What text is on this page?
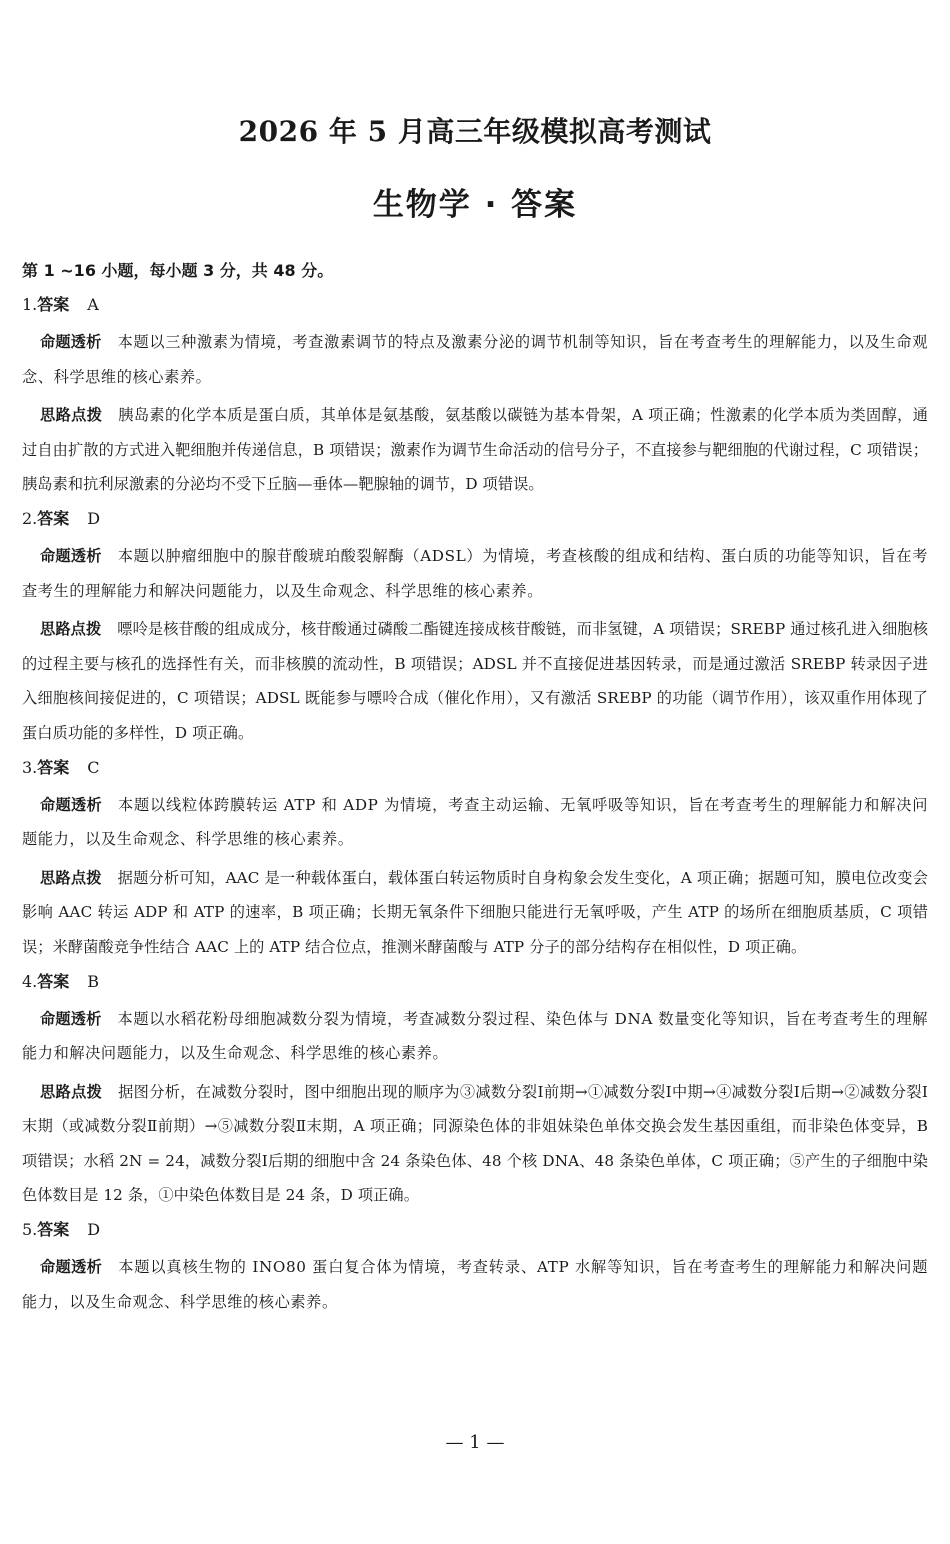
2026 年 5 月高三年级模拟高考测试
生物学 · 答案
第 1 ~16 小题，每小题 3 分，共 48 分。
1.答案 A
命题透析 本题以三种激素为情境，考查激素调节的特点及激素分泌的调节机制等知识，旨在考查考生的理解能力，以及生命观念、科学思维的核心素养。
思路点拨 胰岛素的化学本质是蛋白质，其单体是氨基酸，氨基酸以碳链为基本骨架，A 项正确；性激素的化学本质为类固醇，通过自由扩散的方式进入靶细胞并传递信息，B 项错误；激素作为调节生命活动的信号分子，不直接参与靶细胞的代谢过程，C 项错误；胰岛素和抗利尿激素的分泌均不受下丘脑—垂体—靶腺轴的调节，D 项错误。
2.答案 D
命题透析 本题以肿瘤细胞中的腺苷酸琥珀酸裂解酶（ADSL）为情境，考查核酸的组成和结构、蛋白质的功能等知识，旨在考查考生的理解能力和解决问题能力，以及生命观念、科学思维的核心素养。
思路点拨 嘌呤是核苷酸的组成成分，核苷酸通过磷酸二酯键连接成核苷酸链，而非氢键，A 项错误；SREBP 通过核孔进入细胞核的过程主要与核孔的选择性有关，而非核膜的流动性，B 项错误；ADSL 并不直接促进基因转录，而是通过激活 SREBP 转录因子进入细胞核间接促进的，C 项错误；ADSL 既能参与嘌呤合成（催化作用），又有激活 SREBP 的功能（调节作用），该双重作用体现了蛋白质功能的多样性，D 项正确。
3.答案 C
命题透析 本题以线粒体跨膜转运 ATP 和 ADP 为情境，考查主动运输、无氧呼吸等知识，旨在考查考生的理解能力和解决问题能力，以及生命观念、科学思维的核心素养。
思路点拨 据题分析可知，AAC 是一种载体蛋白，载体蛋白转运物质时自身构象会发生变化，A 项正确；据题可知，膜电位改变会影响 AAC 转运 ADP 和 ATP 的速率，B 项正确；长期无氧条件下细胞只能进行无氧呼吸，产生 ATP 的场所在细胞质基质，C 项错误；米酵菌酸竞争性结合 AAC 上的 ATP 结合位点，推测米酵菌酸与 ATP 分子的部分结构存在相似性，D 项正确。
4.答案 B
命题透析 本题以水稻花粉母细胞减数分裂为情境，考查减数分裂过程、染色体与 DNA 数量变化等知识，旨在考查考生的理解能力和解决问题能力，以及生命观念、科学思维的核心素养。
思路点拨 据图分析，在减数分裂时，图中细胞出现的顺序为③减数分裂Ⅰ前期→①减数分裂Ⅰ中期→④减数分裂Ⅰ后期→②减数分裂Ⅰ末期（或减数分裂Ⅱ前期）→⑤减数分裂Ⅱ末期，A 项正确；同源染色体的非姐妹染色单体交换会发生基因重组，而非染色体变异，B 项错误；水稻 2N = 24，减数分裂Ⅰ后期的细胞中含 24 条染色体、48 个核 DNA、48 条染色单体，C 项正确；⑤产生的子细胞中染色体数目是 12 条，①中染色体数目是 24 条，D 项正确。
5.答案 D
命题透析 本题以真核生物的 INO80 蛋白复合体为情境，考查转录、ATP 水解等知识，旨在考查考生的理解能力和解决问题能力，以及生命观念、科学思维的核心素养。
— 1 —
